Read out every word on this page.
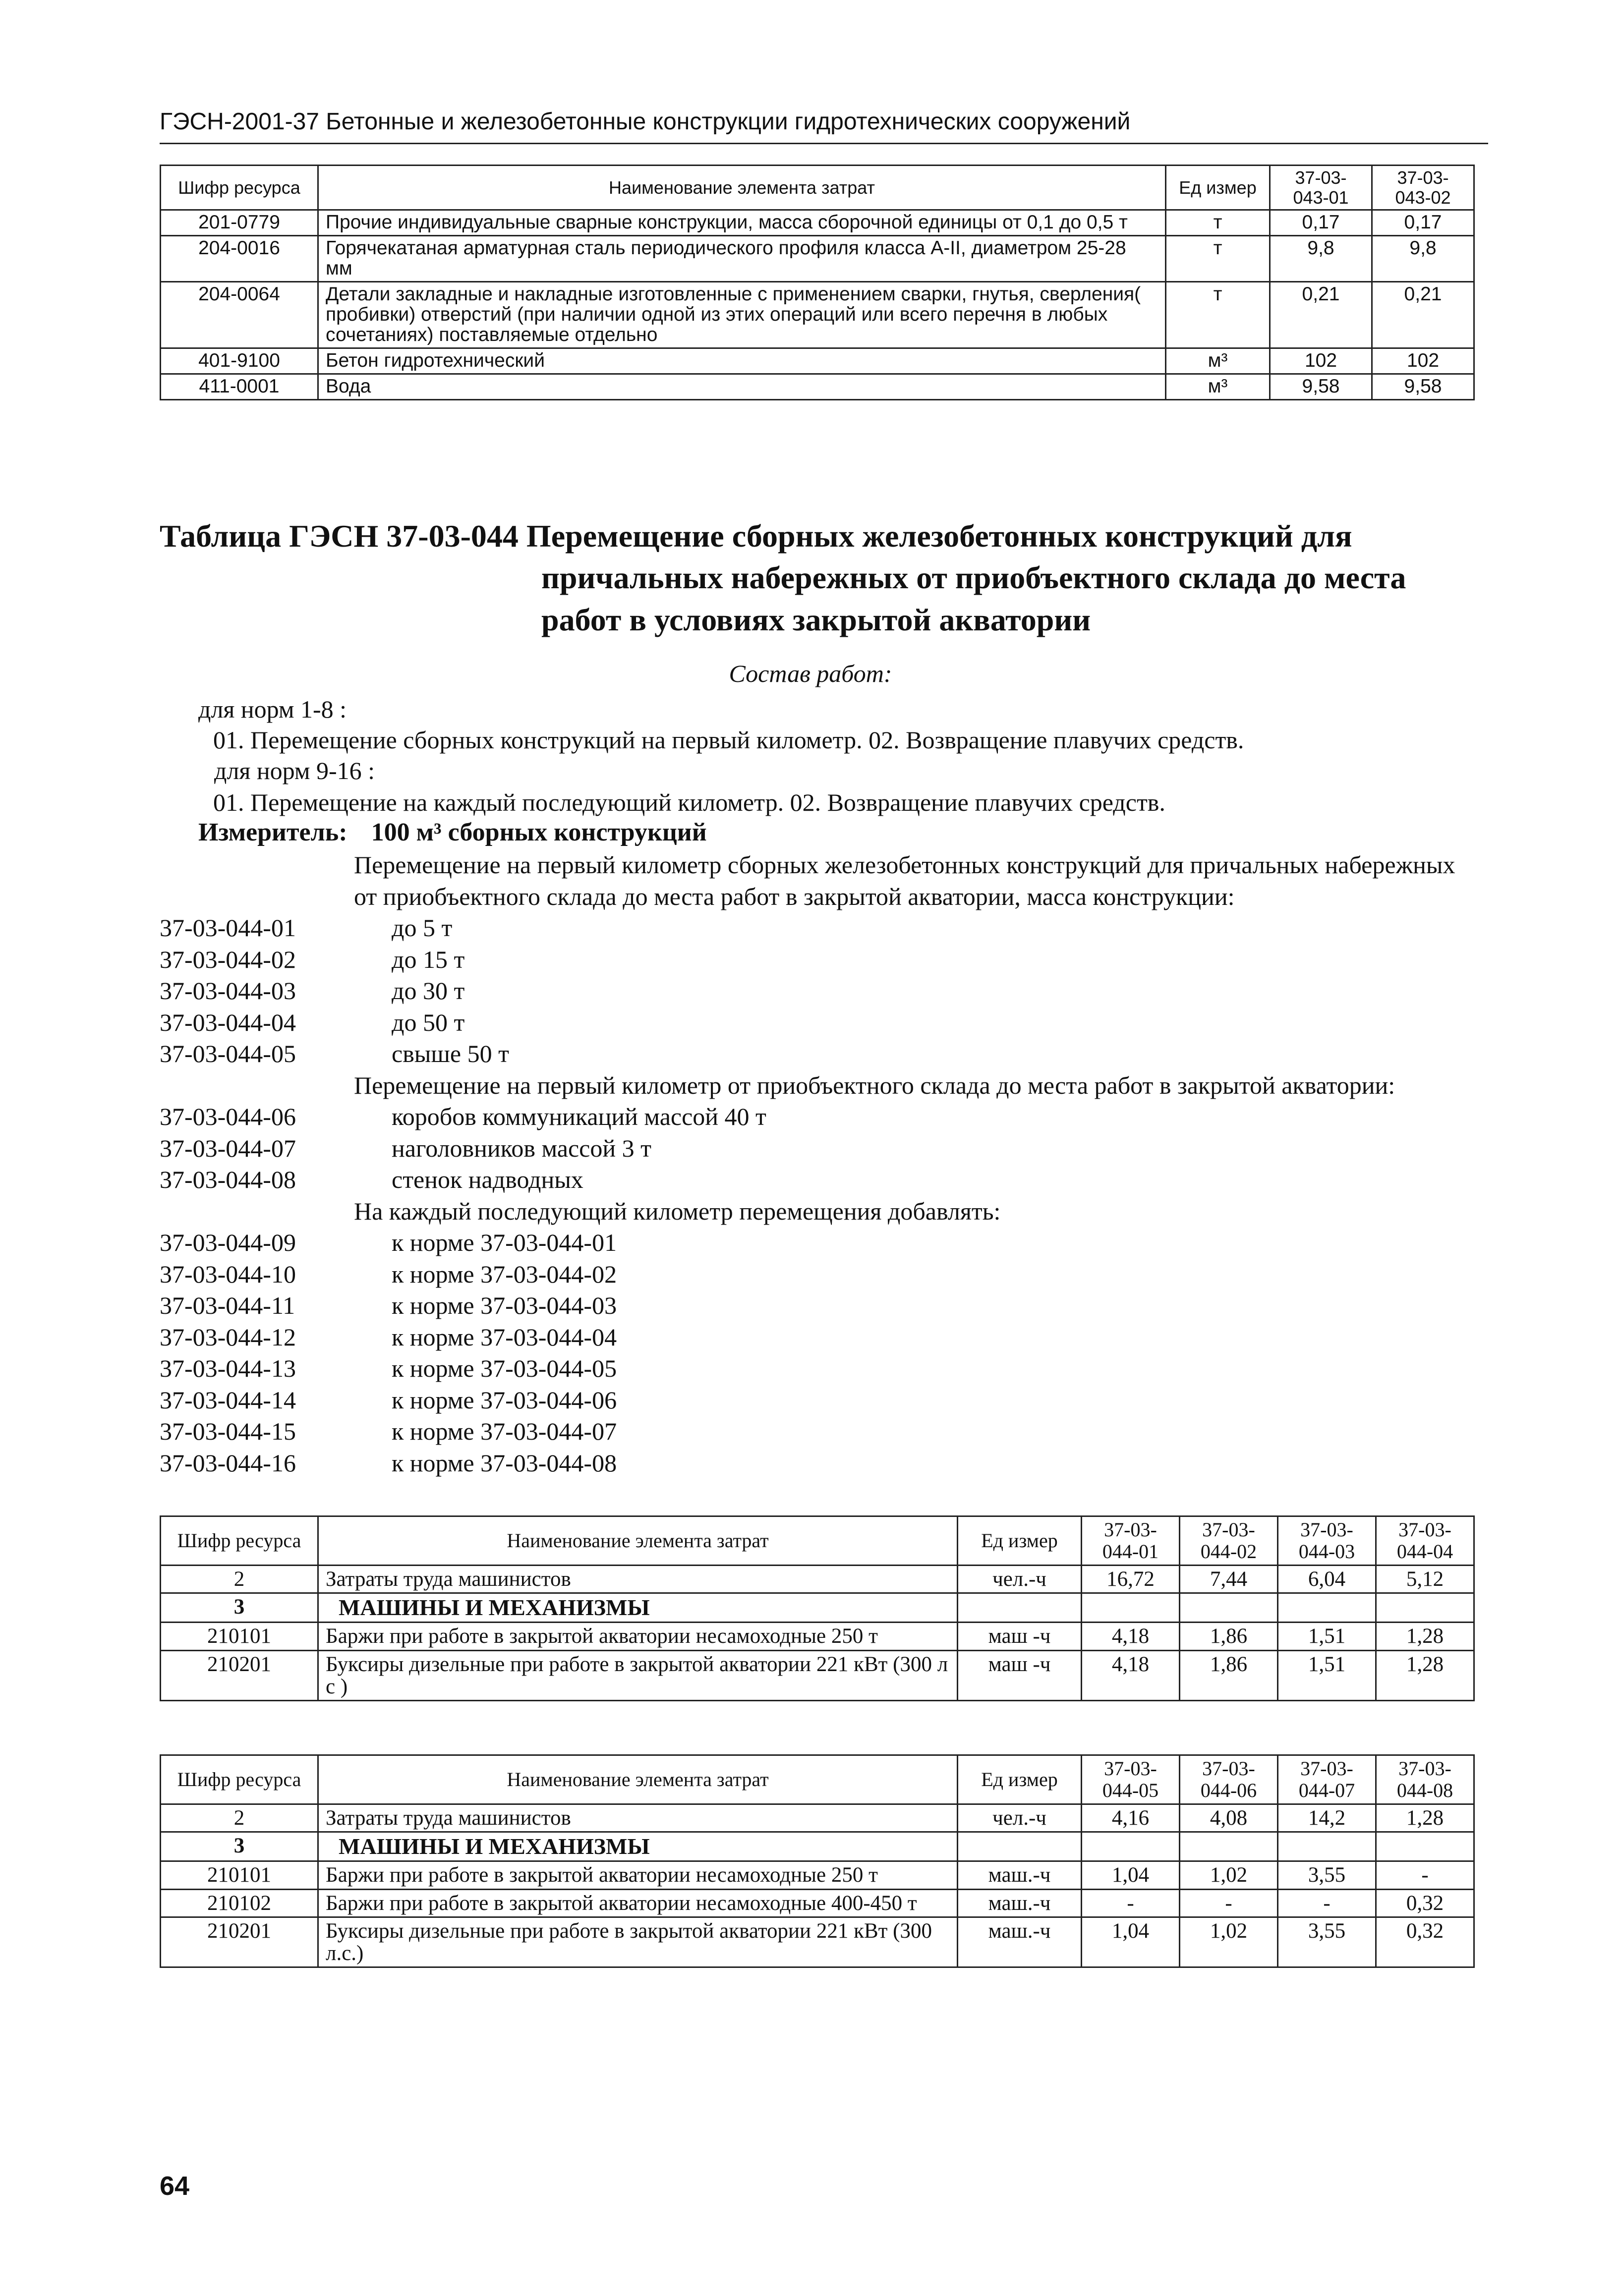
ГЭСН-2001-37 Бетонные и железобетонные конструкции гидротехнических сооружений
Шифр ресурса	Наименование элемента затрат	Ед измер	37-03-043-01	37-03-043-02
201-0779	Прочие индивидуальные сварные конструкции, масса сборочной единицы от 0,1 до 0,5 т	т	0,17	0,17
204-0016	Горячекатаная арматурная сталь периодического профиля класса А-II, диаметром 25-28 мм	т	9,8	9,8
204-0064	Детали закладные и накладные изготовленные с применением сварки, гнутья, сверления( пробивки) отверстий (при наличии одной из этих операций или всего перечня в любых сочетаниях) поставляемые отдельно	т	0,21	0,21
401-9100	Бетон гидротехнический	м³	102	102
411-0001	Вода	м³	9,58	9,58
Таблица ГЭСН 37-03-044 Перемещение сборных железобетонных конструкций для
причальных набережных от приобъектного склада до места работ в условиях закрытой акватории
Состав работ:
для норм 1-8 :
01. Перемещение сборных конструкций на первый километр. 02. Возвращение плавучих средств.
для норм 9-16 :
01. Перемещение на каждый последующий километр. 02. Возвращение плавучих средств.
Измеритель: 100 м³ сборных конструкций
Перемещение на первый километр сборных железобетонных конструкций для причальных набережных от приобъектного склада до места работ в закрытой акватории, масса конструкции:
37-03-044-01	до 5 т
37-03-044-02	до 15 т
37-03-044-03	до 30 т
37-03-044-04	до 50 т
37-03-044-05	свыше 50 т
Перемещение на первый километр от приобъектного склада до места работ в закрытой акватории:
37-03-044-06	коробов коммуникаций массой 40 т
37-03-044-07	наголовников массой 3 т
37-03-044-08	стенок надводных
На каждый последующий километр перемещения добавлять:
37-03-044-09	к норме 37-03-044-01
37-03-044-10	к норме 37-03-044-02
37-03-044-11	к норме 37-03-044-03
37-03-044-12	к норме 37-03-044-04
37-03-044-13	к норме 37-03-044-05
37-03-044-14	к норме 37-03-044-06
37-03-044-15	к норме 37-03-044-07
37-03-044-16	к норме 37-03-044-08
Шифр ресурса	Наименование элемента затрат	Ед измер	37-03-044-01	37-03-044-02	37-03-044-03	37-03-044-04
2	Затраты труда машинистов	чел.-ч	16,72	7,44	6,04	5,12
3	МАШИНЫ И МЕХАНИЗМЫ					
210101	Баржи при работе в закрытой акватории несамоходные 250 т	маш -ч	4,18	1,86	1,51	1,28
210201	Буксиры дизельные при работе в закрытой акватории 221 кВт (300 л с )	маш -ч	4,18	1,86	1,51	1,28
Шифр ресурса	Наименование элемента затрат	Ед измер	37-03-044-05	37-03-044-06	37-03-044-07	37-03-044-08
2	Затраты труда машинистов	чел.-ч	4,16	4,08	14,2	1,28
3	МАШИНЫ И МЕХАНИЗМЫ					
210101	Баржи при работе в закрытой акватории несамоходные 250 т	маш.-ч	1,04	1,02	3,55	-
210102	Баржи при работе в закрытой акватории несамоходные 400-450 т	маш.-ч	-	-	-	0,32
210201	Буксиры дизельные при работе в закрытой акватории 221 кВт (300 л.с.)	маш.-ч	1,04	1,02	3,55	0,32
64
